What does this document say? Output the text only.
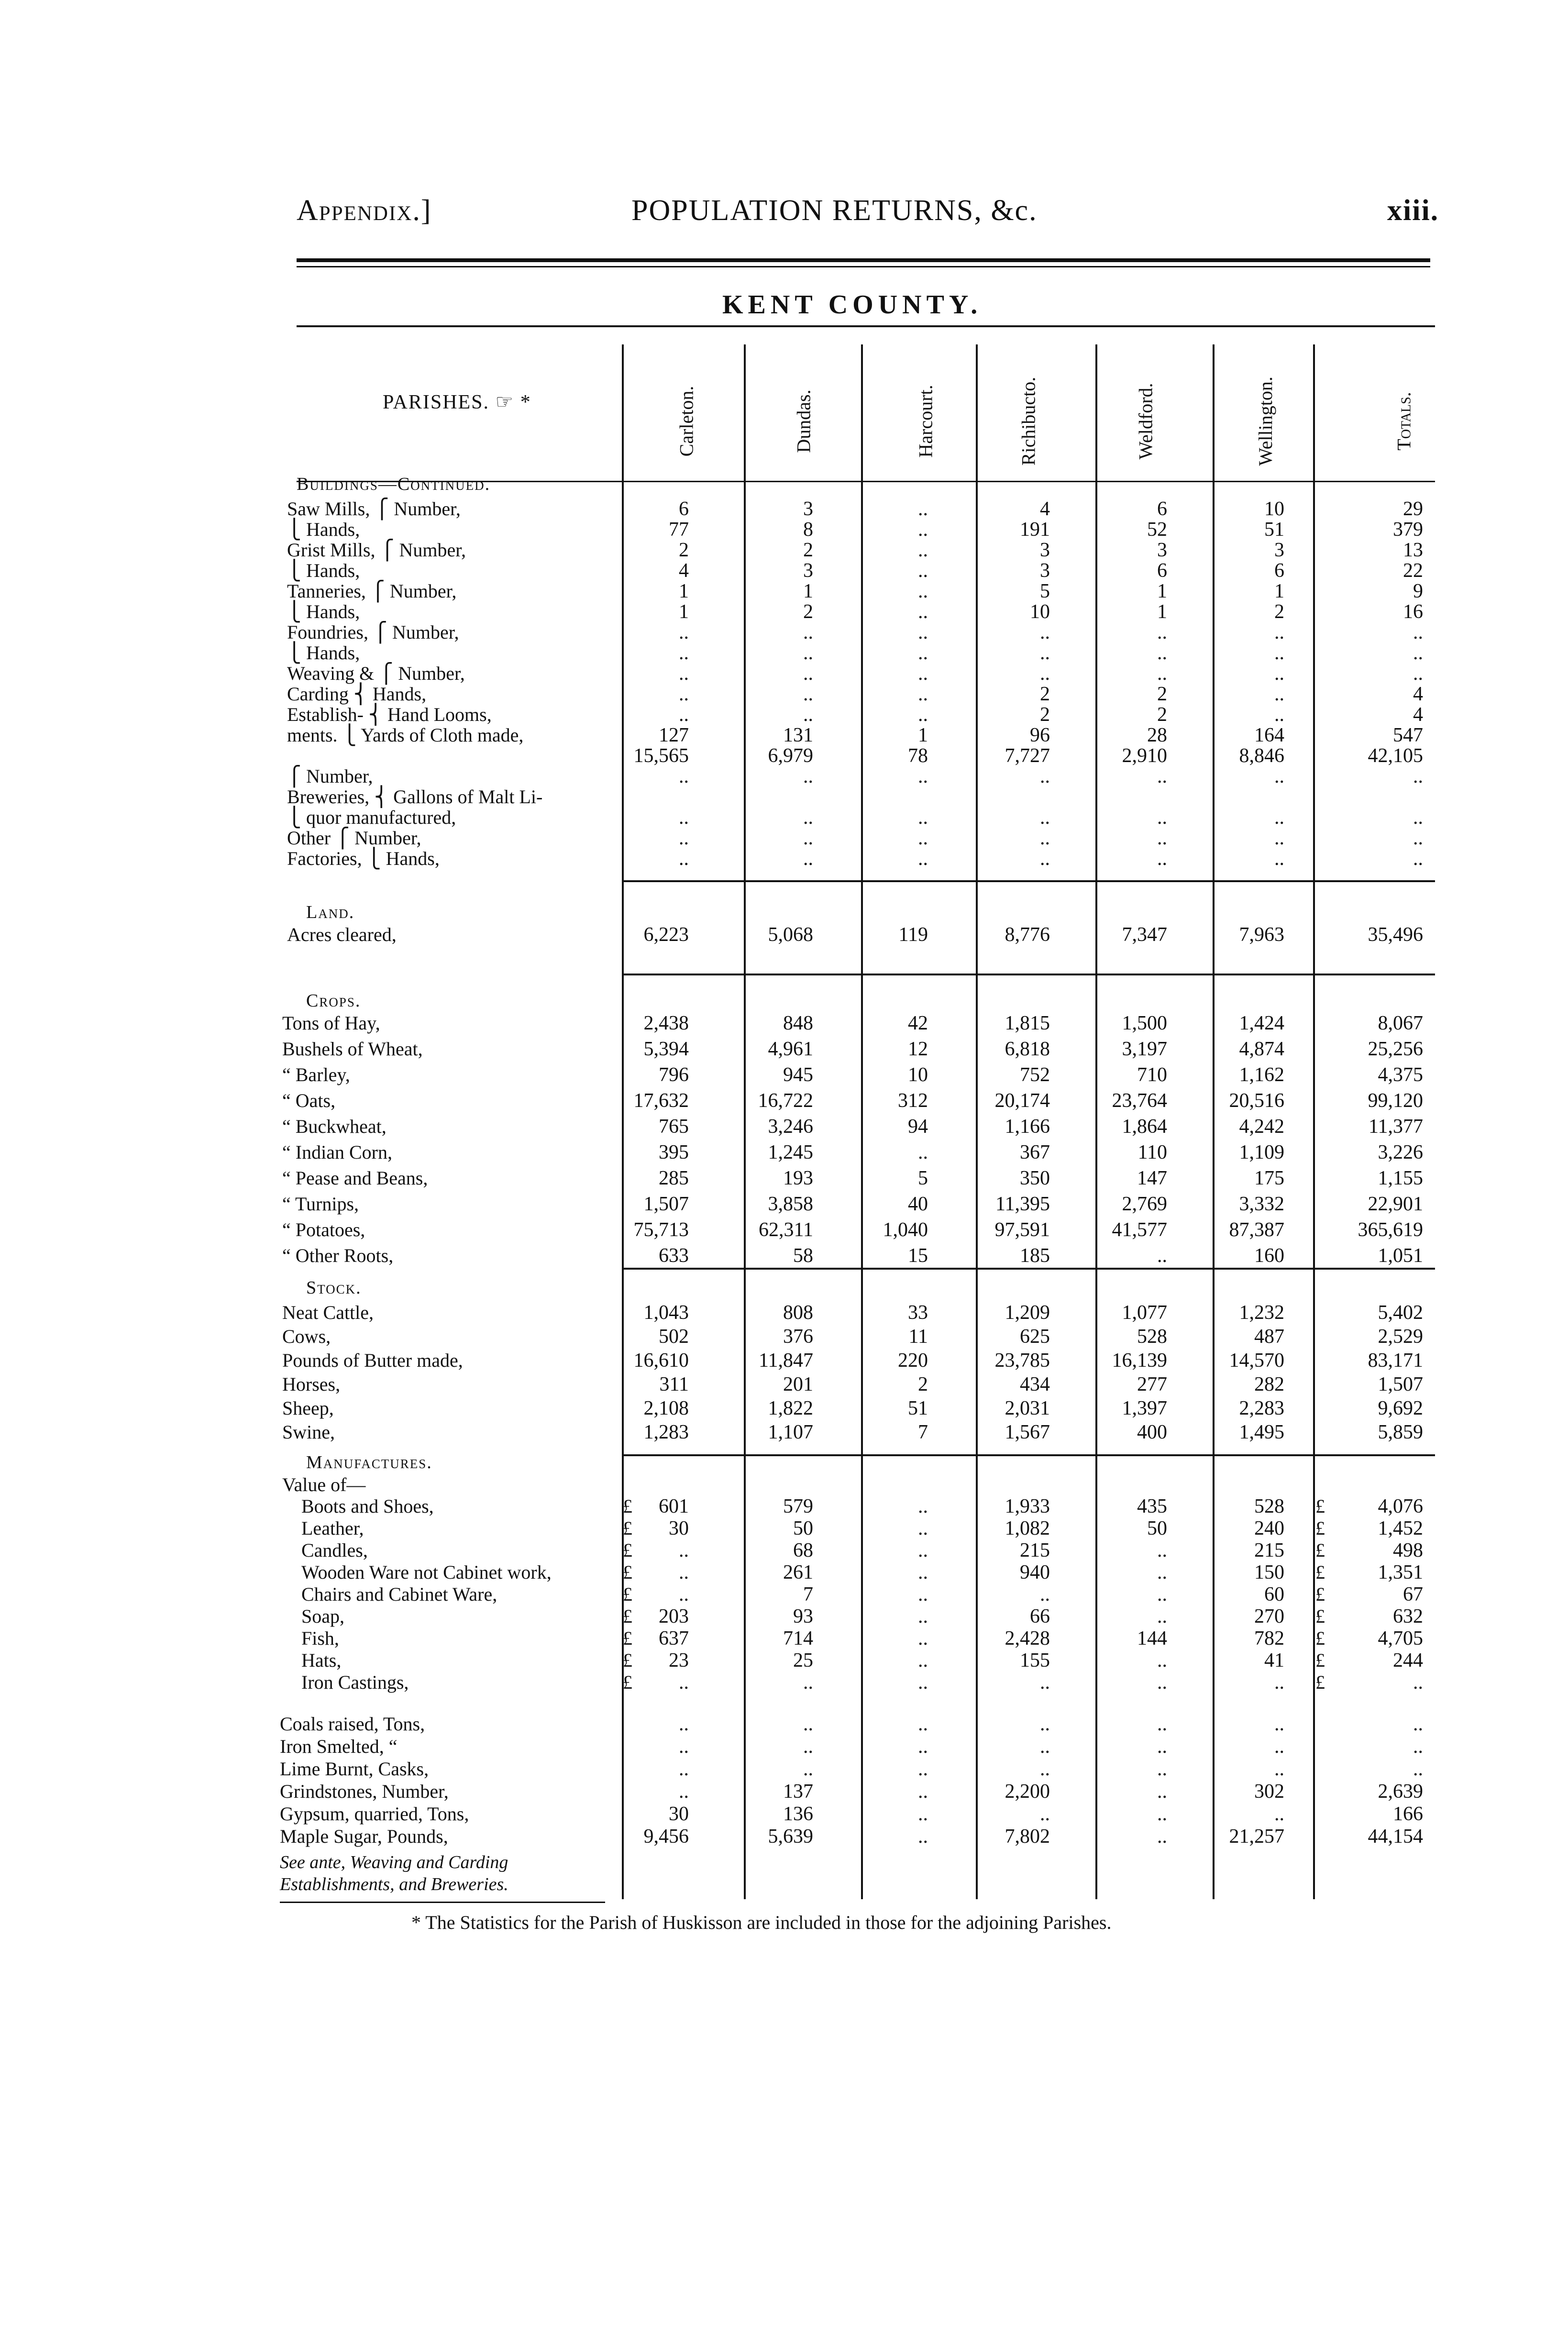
Appendix.]	POPULATION RETURNS, &c.	xiii.
KENT COUNTY.
PARISHES. ☞ *	Carleton.	Dundas.	Harcourt.	Richibucto.	Weldford.	Wellington.	Totals.
Buildings—Continued.
Land.
Crops.
Stock.
Manufactures.
Value of—
Saw Mills, ⎧ Number,	6	3	..	4	6	10	29
⎩ Hands,	77	8	..	191	52	51	379
Grist Mills, ⎧ Number,	2	2	..	3	3	3	13
⎩ Hands,	4	3	..	3	6	6	22
Tanneries, ⎧ Number,	1	1	..	5	1	1	9
⎩ Hands,	1	2	..	10	1	2	16
Foundries, ⎧ Number,	..	..	..	..	..	..	..
⎩ Hands,	..	..	..	..	..	..	..
Weaving & ⎧ Number,	..	..	..	..	..	..	..
Carding ⎨ Hands,	..	..	..	2	2	..	4
Establish- ⎨ Hand Looms,	..	..	..	2	2	..	4
ments. ⎩ Yards of Cloth made,	127	131	1	96	28	164	547
15,565	6,979	78	7,727	2,910	8,846	42,105
⎧ Number,	..	..	..	..	..	..	..
Breweries, ⎨ Gallons of Malt Li-
⎩ quor manufactured,	..	..	..	..	..	..	..
Other ⎧ Number,	..	..	..	..	..	..	..
Factories, ⎩ Hands,	..	..	..	..	..	..	..
Acres cleared,	6,223	5,068	119	8,776	7,347	7,963	35,496
Tons of Hay,	2,438	848	42	1,815	1,500	1,424	8,067
Bushels of Wheat,	5,394	4,961	12	6,818	3,197	4,874	25,256
“ Barley,	796	945	10	752	710	1,162	4,375
“ Oats,	17,632	16,722	312	20,174	23,764	20,516	99,120
“ Buckwheat,	765	3,246	94	1,166	1,864	4,242	11,377
“ Indian Corn,	395	1,245	..	367	110	1,109	3,226
“ Pease and Beans,	285	193	5	350	147	175	1,155
“ Turnips,	1,507	3,858	40	11,395	2,769	3,332	22,901
“ Potatoes,	75,713	62,311	1,040	97,591	41,577	87,387	365,619
“ Other Roots,	633	58	15	185	..	160	1,051
Neat Cattle,	1,043	808	33	1,209	1,077	1,232	5,402
Cows,	502	376	11	625	528	487	2,529
Pounds of Butter made,	16,610	11,847	220	23,785	16,139	14,570	83,171
Horses,	311	201	2	434	277	282	1,507
Sheep,	2,108	1,822	51	2,031	1,397	2,283	9,692
Swine,	1,283	1,107	7	1,567	400	1,495	5,859
Boots and Shoes,	601	579	..	1,933	435	528	4,076
£	£
Leather,	30	50	..	1,082	50	240	1,452
£	£
Candles,	..	68	..	215	..	215	498
£	£
Wooden Ware not Cabinet work,	..	261	..	940	..	150	1,351
£	£
Chairs and Cabinet Ware,	..	7	..	..	..	60	67
£	£
Soap,	203	93	..	66	..	270	632
£	£
Fish,	637	714	..	2,428	144	782	4,705
£	£
Hats,	23	25	..	155	..	41	244
£	£
Iron Castings,	..	..	..	..	..	..	..
£	£
Coals raised, Tons,	..	..	..	..	..	..	..
Iron Smelted, “	..	..	..	..	..	..	..
Lime Burnt, Casks,	..	..	..	..	..	..	..
Grindstones, Number,	..	137	..	2,200	..	302	2,639
Gypsum, quarried, Tons,	30	136	..	..	..	..	166
Maple Sugar, Pounds,	9,456	5,639	..	7,802	..	21,257	44,154
See ante, Weaving and Carding Establishments, and Breweries.
* The Statistics for the Parish of Huskisson are included in those for the adjoining Parishes.
